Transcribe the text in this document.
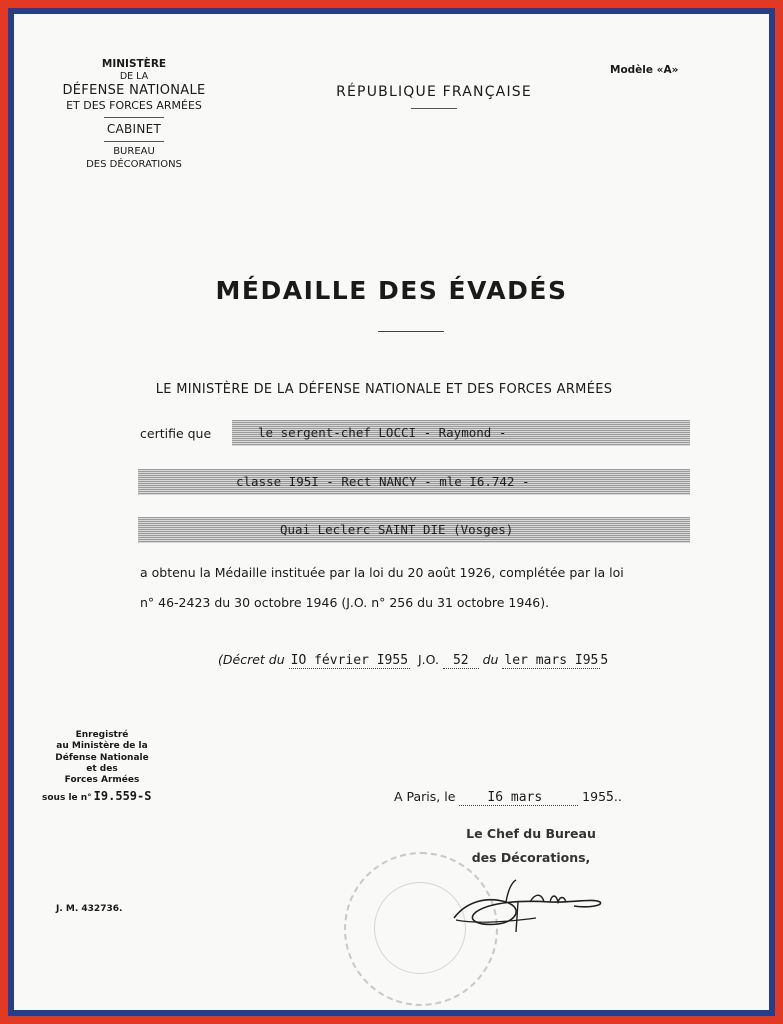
MINISTÈRE
DE LA
DÉFENSE NATIONALE
ET DES FORCES ARMÉES
CABINET
BUREAU
DES DÉCORATIONS
RÉPUBLIQUE FRANÇAISE
Modèle «A»
MÉDAILLE DES ÉVADÉS
LE MINISTÈRE DE LA DÉFENSE NATIONALE ET DES FORCES ARMÉES
certifie que	le sergent-chef LOCCI - Raymond -
classe I95I - Rect NANCY - mle I6.742 -
Quai Leclerc SAINT DIE (Vosges)
a obtenu la Médaille instituée par la loi du 20 août 1926, complétée par la loi
n° 46-2423 du 30 octobre 1946 (J.O. n° 256 du 31 octobre 1946).
(Décret du IO février I955 J.O. 52 du ler mars I95 5
Enregistré
au Ministère de la
Défense Nationale
et des
Forces Armées
sous le n° I9.559-S
J. M. 432736.
A Paris, le I6 mars	1955..
Le Chef du Bureau
des Décorations,
